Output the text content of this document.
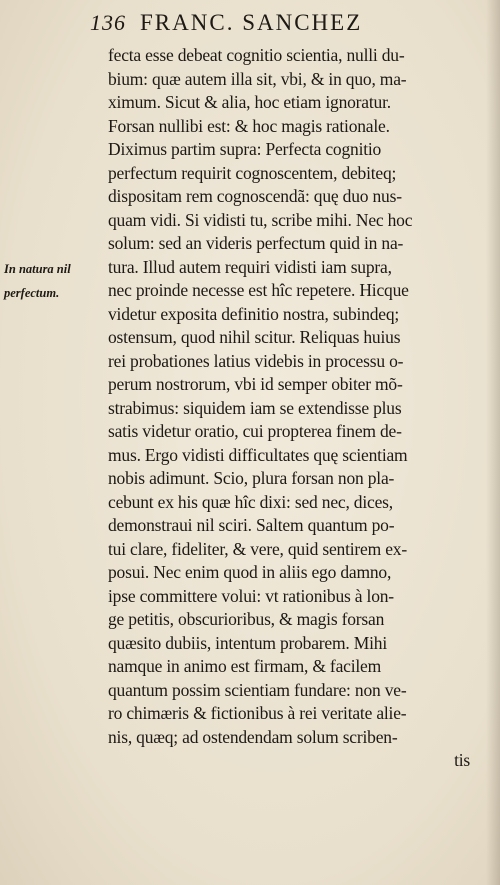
136 FRANC. SANCHEZ
In natura nil
perfectum.
fecta esse debeat cognitio scientia, nulli du-
bium: quæ autem illa sit, vbi, & in quo, ma-
ximum. Sicut & alia, hoc etiam ignoratur.
Forsan nullibi est: & hoc magis rationale.
Diximus partim supra: Perfecta cognitio
perfectum requirit cognoscentem, debiteq;
dispositam rem cognoscendã: quę duo nus-
quam vidi. Si vidisti tu, scribe mihi. Nec hoc
solum: sed an videris perfectum quid in na-
tura. Illud autem requiri vidisti iam supra,
nec proinde necesse est hîc repetere. Hicque
videtur exposita definitio nostra, subindeq;
ostensum, quod nihil scitur. Reliquas huius
rei probationes latius videbis in processu o-
perum nostrorum, vbi id semper obiter mõ-
strabimus: siquidem iam se extendisse plus
satis videtur oratio, cui propterea finem de-
mus. Ergo vidisti difficultates quę scientiam
nobis adimunt. Scio, plura forsan non pla-
cebunt ex his quæ hîc dixi: sed nec, dices,
demonstraui nil sciri. Saltem quantum po-
tui clare, fideliter, & vere, quid sentirem ex-
posui. Nec enim quod in aliis ego damno,
ipse committere volui: vt rationibus à lon-
ge petitis, obscurioribus, & magis forsan
quæsito dubiis, intentum probarem. Mihi
namque in animo est firmam, & facilem
quantum possim scientiam fundare: non ve-
ro chimæris & fictionibus à rei veritate alie-
nis, quæq; ad ostendendam solum scriben-
tis
